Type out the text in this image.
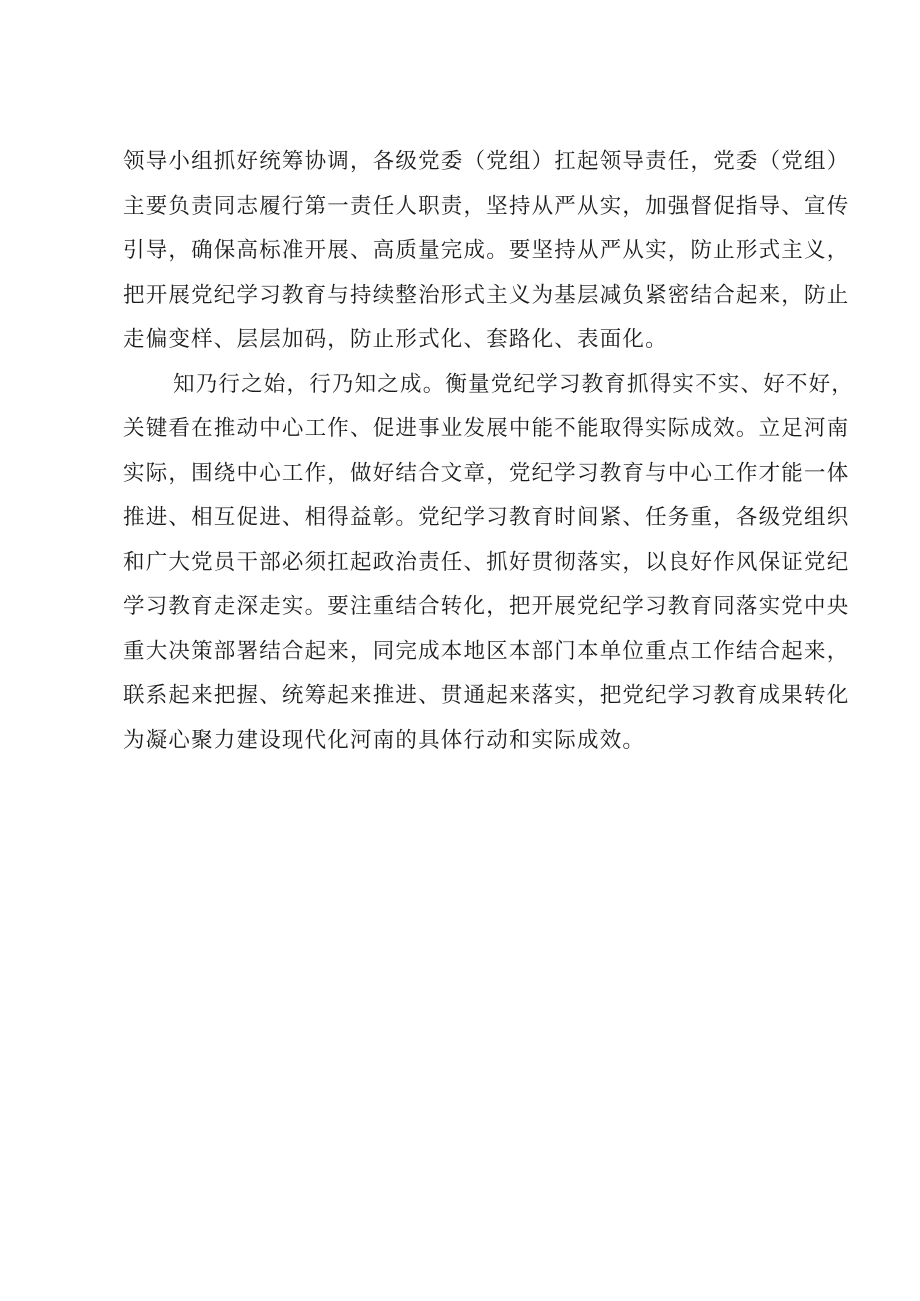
领导小组抓好统筹协调，各级党委（党组）扛起领导责任，党委（党组）
主要负责同志履行第一责任人职责，坚持从严从实，加强督促指导、宣传
引导，确保高标准开展、高质量完成。要坚持从严从实，防止形式主义，
把开展党纪学习教育与持续整治形式主义为基层减负紧密结合起来，防止
走偏变样、层层加码，防止形式化、套路化、表面化。
知乃行之始，行乃知之成。衡量党纪学习教育抓得实不实、好不好，
关键看在推动中心工作、促进事业发展中能不能取得实际成效。立足河南
实际，围绕中心工作，做好结合文章，党纪学习教育与中心工作才能一体
推进、相互促进、相得益彰。党纪学习教育时间紧、任务重，各级党组织
和广大党员干部必须扛起政治责任、抓好贯彻落实，以良好作风保证党纪
学习教育走深走实。要注重结合转化，把开展党纪学习教育同落实党中央
重大决策部署结合起来，同完成本地区本部门本单位重点工作结合起来，
联系起来把握、统筹起来推进、贯通起来落实，把党纪学习教育成果转化
为凝心聚力建设现代化河南的具体行动和实际成效。
